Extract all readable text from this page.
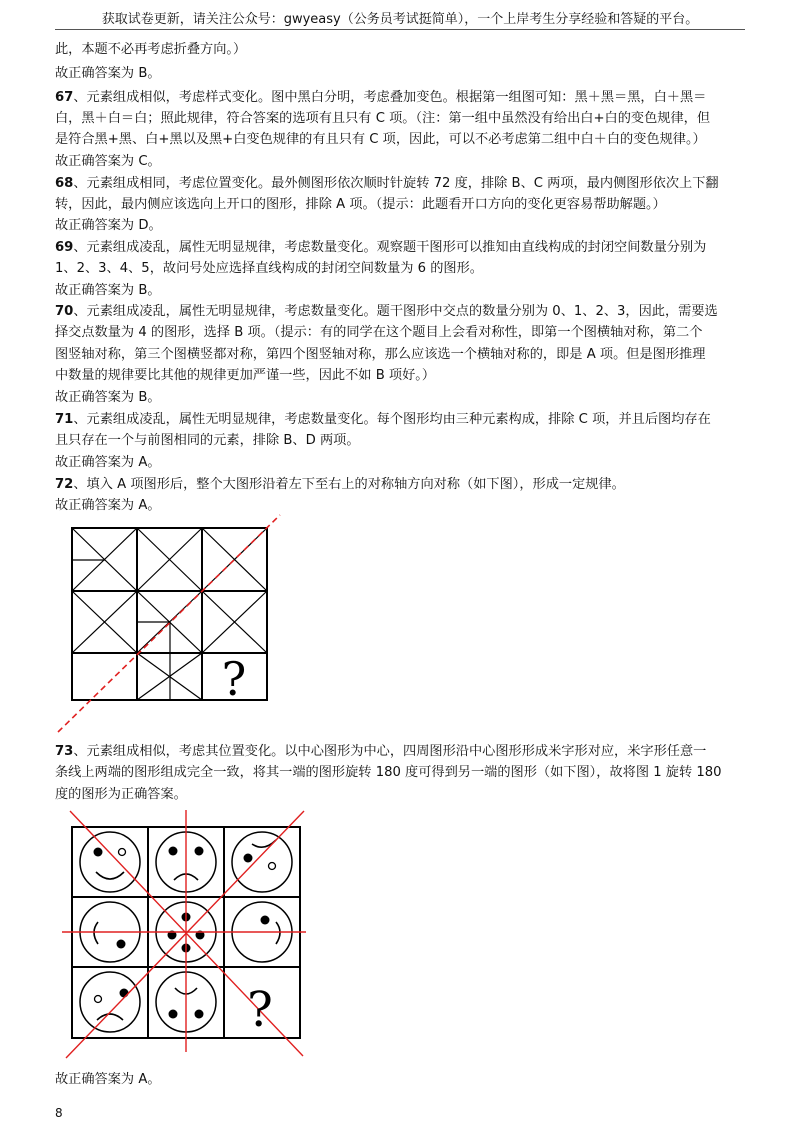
获取试卷更新，请关注公众号：gwyeasy（公务员考试挺简单），一个上岸考生分享经验和答疑的平台。
此，本题不必再考虑折叠方向。）
故正确答案为 B。
67、元素组成相似，考虑样式变化。图中黑白分明，考虑叠加变色。根据第一组图可知：黑＋黑＝黑，白＋黑＝
白，黑＋白＝白；照此规律，符合答案的选项有且只有 C 项。（注：第一组中虽然没有给出白+白的变色规律，但
是符合黑+黑、白+黑以及黑+白变色规律的有且只有 C 项，因此，可以不必考虑第二组中白＋白的变色规律。）
故正确答案为 C。
68、元素组成相同，考虑位置变化。最外侧图形依次顺时针旋转 72 度，排除 B、C 两项，最内侧图形依次上下翻
转，因此，最内侧应该选向上开口的图形，排除 A 项。（提示：此题看开口方向的变化更容易帮助解题。）
故正确答案为 D。
69、元素组成凌乱，属性无明显规律，考虑数量变化。观察题干图形可以推知由直线构成的封闭空间数量分别为
1、2、3、4、5，故问号处应选择直线构成的封闭空间数量为 6 的图形。
故正确答案为 B。
70、元素组成凌乱，属性无明显规律，考虑数量变化。题干图形中交点的数量分别为 0、1、2、3，因此，需要选
择交点数量为 4 的图形，选择 B 项。（提示：有的同学在这个题目上会看对称性，即第一个图横轴对称，第二个
图竖轴对称，第三个图横竖都对称，第四个图竖轴对称，那么应该选一个横轴对称的，即是 A 项。但是图形推理
中数量的规律要比其他的规律更加严谨一些，因此不如 B 项好。）
故正确答案为 B。
71、元素组成凌乱，属性无明显规律，考虑数量变化。每个图形均由三种元素构成，排除 C 项，并且后图均存在
且只存在一个与前图相同的元素，排除 B、D 两项。
故正确答案为 A。
72、填入 A 项图形后，整个大图形沿着左下至右上的对称轴方向对称（如下图），形成一定规律。
故正确答案为 A。
?
73、元素组成相似，考虑其位置变化。以中心图形为中心，四周图形沿中心图形形成米字形对应，米字形任意一
条线上两端的图形组成完全一致，将其一端的图形旋转 180 度可得到另一端的图形（如下图），故将图 1 旋转 180
度的图形为正确答案。
?
故正确答案为 A。
8
